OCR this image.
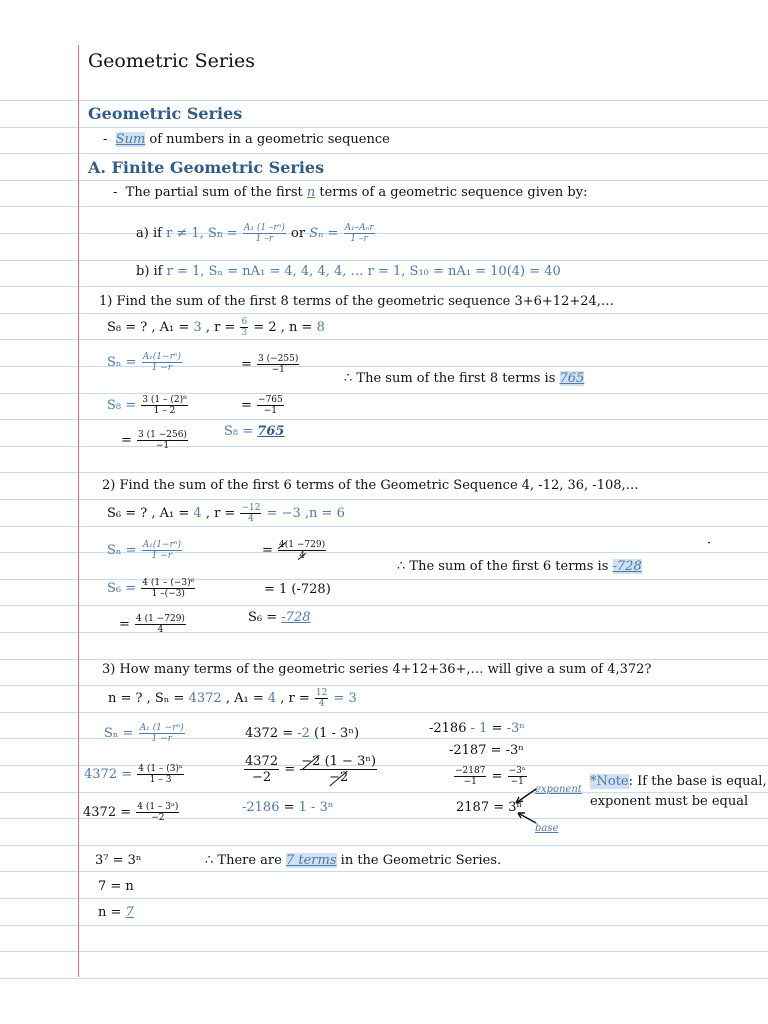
Geometric Series
Geometric Series
- Sum of numbers in a geometric sequence
A. Finite Geometric Series
-  The partial sum of the first n terms of a geometric sequence given by:
a) if r ≠ 1, $Sn = \frac{\text{A₁ (1 –rⁿ)}}{1 -r}$ or $S_n = \frac{\text{A₁–Aₙr}}{1 -r}$
b) if r = 1, Sₙ = nA₁ = 4, 4, 4, 4, … r = 1, S₁₀ = nA₁ = 10(4) = 40
1) Find the sum of the first 8 terms of the geometric sequence 3+6+12+24,…
S₈ = ? , A₁ = 3 , $r = \frac{6}{3} = 2$ , n = 8
$S_n = \frac{\text{A₁(1−rⁿ)}}{1 -r}$
$S_8 = \frac{\text{3 (1 – (2)⁸}}{1 - 2}$
= $\frac{3 (1 -256)}{-1}$
= $\frac{3 (-255)}{-1}$
= $\frac{-765}{-1}$
S₈ = 765
∴ The sum of the first 8 terms is 765
2) Find the sum of the first 6 terms of the Geometric Sequence 4, -12, 36, -108,…
S₆ = ? , A₁ = 4 , $r = \frac{-12}{4} = -3$ ,n = 6
$S_n = \frac{\text{A₁(1−rⁿ)}}{1 -r}$
$S_6 = \frac{\text{4 (1 – (−3)⁶}}{1 -(-3)}$
= $\frac{4 (1 -729)}{4}$
= $\frac{4(1 -729)}{4}$
= 1 (-728)
S₆ = -728
∴ The sum of the first 6 terms is -728
·
3) How many terms of the geometric series 4+12+36+,… will give a sum of 4,372?
n = ? , Sₙ = 4372 , A₁ = 4 , $r = \frac{12}{4} = 3$
$S_n = \frac{\text{A₁ (1 −rⁿ)}}{1 -r}$
$4372 = \frac{\text{4 (1 – (3)ⁿ}}{1 - 3}$
$4372 = \frac{\text{4 (1 – 3ⁿ)}}{-2}$
4372 = -2 (1 - 3ⁿ)
$\frac{4372}{-2} = \frac{\text{−2 (1 − 3ⁿ)}}{-2}$
-2186 = 1 - 3ⁿ
-2186 - 1 = -3ⁿ
-2187 = -3ⁿ
$\frac{-2187}{-1} = \frac{\text{−3ⁿ}}{-1}$
2187 = 3ⁿ
exponent
base
*Note: If the base is equal,
exponent must be equal
3⁷ = 3ⁿ
7 = n
n = 7
∴ There are 7 terms in the Geometric Series.
